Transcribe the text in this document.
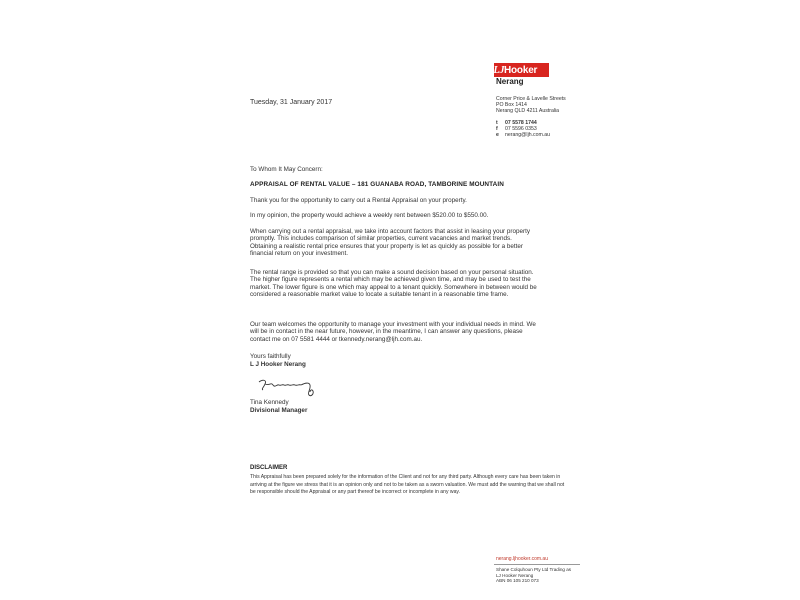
LJ Hooker
Nerang
Corner Price & Lavelle Streets
PO Box 1414
Nerang QLD 4211 Australia
t 07 5578 1744
f 07 5596 0353
e nerang@ljh.com.au
Tuesday, 31 January 2017
To Whom It May Concern:
APPRAISAL OF RENTAL VALUE – 181 GUANABA ROAD, TAMBORINE MOUNTAIN
Thank you for the opportunity to carry out a Rental Appraisal on your property.
In my opinion, the property would achieve a weekly rent between $520.00 to $550.00.
When carrying out a rental appraisal, we take into account factors that assist in leasing your property promptly. This includes comparison of similar properties, current vacancies and market trends. Obtaining a realistic rental price ensures that your property is let as quickly as possible for a better financial return on your investment.
The rental range is provided so that you can make a sound decision based on your personal situation. The higher figure represents a rental which may be achieved given time, and may be used to test the market. The lower figure is one which may appeal to a tenant quickly. Somewhere in between would be considered a reasonable market value to locate a suitable tenant in a reasonable time frame.
Our team welcomes the opportunity to manage your investment with your individual needs in mind. We will be in contact in the near future, however, in the meantime, I can answer any questions, please contact me on 07 5581 4444 or tkennedy.nerang@ljh.com.au.
Yours faithfully
L J Hooker Nerang
Tina Kennedy
Divisional Manager
DISCLAIMER
This Appraisal has been prepared solely for the information of the Client and not for any third party. Although every care has been taken in arriving at the figure we stress that it is an opinion only and not to be taken as a sworn valuation. We must add the warning that we shall not be responsible should the Appraisal or any part thereof be incorrect or incomplete in any way.
nerang.ljhooker.com.au
Shane Colquhoun Pty Ltd Trading as
LJ Hooker Nerang
ABN 06 105 210 073
